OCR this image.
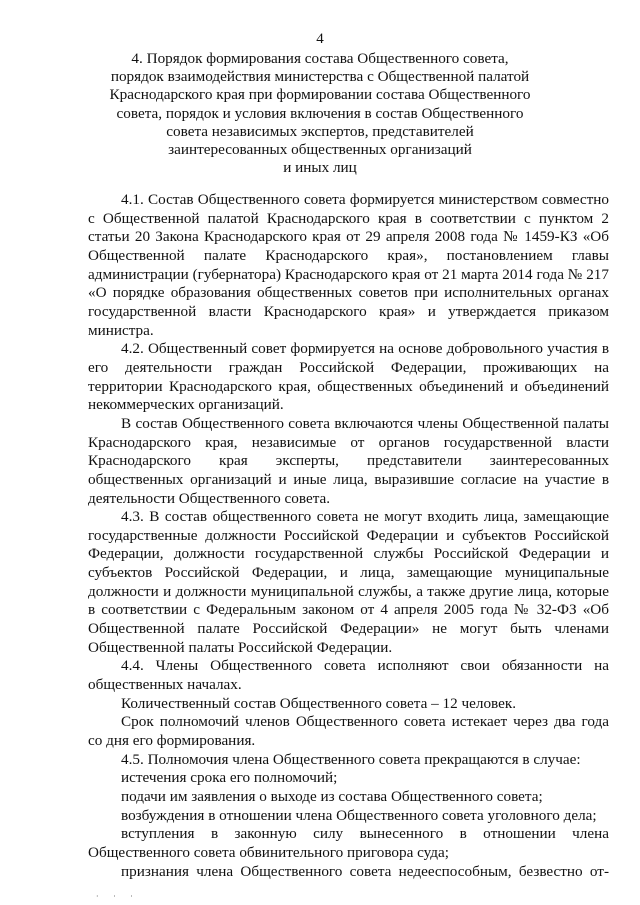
4
4. Порядок формирования состава Общественного совета,
порядок взаимодействия министерства с Общественной палатой
Краснодарского края при формировании состава Общественного
совета, порядок и условия включения в состав Общественного
совета независимых экспертов, представителей
заинтересованных общественных организаций
и иных лиц

4.1. Состав Общественного совета формируется министерством совместно с Общественной палатой Краснодарского края в соответствии с пунктом 2 статьи 20 Закона Краснодарского края от 29 апреля 2008 года № 1459-КЗ «Об Общественной палате Краснодарского края», постановлением главы администрации (губернатора) Краснодарского края от 21 марта 2014 года № 217 «О порядке образования общественных советов при исполнительных органах государственной власти Краснодарского края» и утверждается приказом министра.

4.2. Общественный совет формируется на основе добровольного участия в его деятельности граждан Российской Федерации, проживающих на территории Краснодарского края, общественных объединений и объединений некоммерческих организаций.

В состав Общественного совета включаются члены Общественной палаты Краснодарского края, независимые от органов государственной власти Краснодарского края эксперты, представители заинтересованных общественных организаций и иные лица, выразившие согласие на участие в деятельности Общественного совета.

4.3. В состав общественного совета не могут входить лица, замещающие государственные должности Российской Федерации и субъектов Российской Федерации, должности государственной службы Российской Федерации и субъектов Российской Федерации, и лица, замещающие муниципальные должности и должности муниципальной службы, а также другие лица, которые в соответствии с Федеральным законом от 4 апреля 2005 года № 32-ФЗ «Об Общественной палате Российской Федерации» не могут быть членами Общественной палаты Российской Федерации.

4.4. Члены Общественного совета исполняют свои обязанности на общественных началах.

Количественный состав Общественного совета – 12 человек.

Срок полномочий членов Общественного совета истекает через два года со дня его формирования.

4.5. Полномочия члена Общественного совета прекращаются в случае:

истечения срока его полномочий;

подачи им заявления о выходе из состава Общественного совета;

возбуждения в отношении члена Общественного совета уголовного дела;

вступления в законную силу вынесенного в отношении члена Общественного совета обвинительного приговора суда;

признания члена Общественного совета недееспособным, безвестно от-

· · ·
